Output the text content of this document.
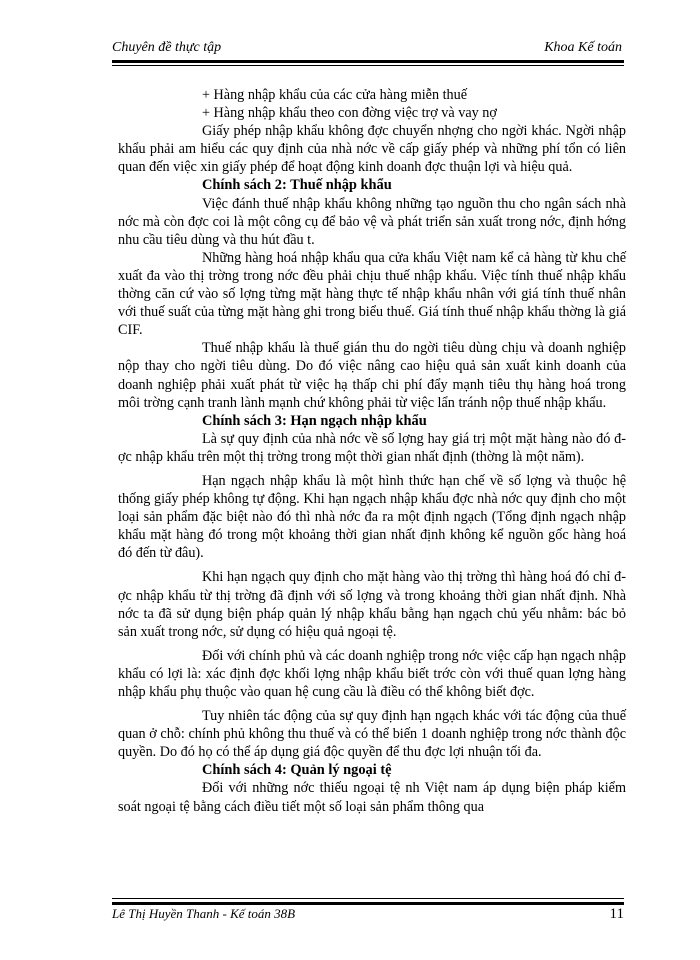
Chuyên đề thực tập	Khoa Kế toán

+ Hàng nhập khẩu của các cửa hàng miễn thuế

+ Hàng nhập khẩu theo con đờng việc trợ và vay nợ

Giấy phép nhập khẩu không đợc chuyển nhợng cho ngời khác. Ngời nhập khẩu phải am hiểu các quy định của nhà nớc về cấp giấy phép và những phí tổn có liên quan đến việc xin giấy phép để hoạt động kinh doanh đợc thuận lợi và hiệu quả.

Chính sách 2: Thuế nhập khẩu

Việc đánh thuế nhập khẩu không những tạo nguồn thu cho ngân sách nhà nớc mà còn đợc coi là một công cụ để bảo vệ và phát triển sản xuất trong nớc, định hớng nhu cầu tiêu dùng và thu hút đầu t.

Những hàng hoá nhập khẩu qua cửa khẩu Việt nam kể cả hàng từ khu chế xuất đa vào thị trờng trong nớc đều phải chịu thuế nhập khẩu. Việc tính thuế nhập khẩu thờng căn cứ vào số lợng từng mặt hàng thực tế nhập khẩu nhân với giá tính thuế nhân với thuế suất của từng mặt hàng ghi trong biểu thuế. Giá tính thuế nhập khẩu thờng là giá CIF.

Thuế nhập khẩu là thuế gián thu do ngời tiêu dùng chịu và doanh nghiệp nộp thay cho ngời tiêu dùng. Do đó việc nâng cao hiệu quả sản xuất kinh doanh của doanh nghiệp phải xuất phát từ việc hạ thấp chi phí đẩy mạnh tiêu thụ hàng hoá trong môi trờng cạnh tranh lành mạnh chứ không phải từ việc lẩn tránh nộp thuế nhập khẩu.

Chính sách 3: Hạn ngạch nhập khẩu

Là sự quy định của nhà nớc về số lợng hay giá trị một mặt hàng nào đó đợc nhập khẩu trên một thị trờng trong một thời gian nhất định (thờng là một năm).

Hạn ngạch nhập khẩu là một hình thức hạn chế về số lợng và thuộc hệ thống giấy phép không tự động. Khi hạn ngạch nhập khẩu đợc nhà nớc quy định cho một loại sản phẩm đặc biệt nào đó thì nhà nớc đa ra một định ngạch (Tổng định ngạch nhập khẩu mặt hàng đó trong một khoảng thời gian nhất định không kể nguồn gốc hàng hoá đó đến từ đâu).

Khi hạn ngạch quy định cho mặt hàng vào thị trờng thì hàng hoá đó chỉ đợc nhập khẩu từ thị trờng đã định với số lợng và trong khoảng thời gian nhất định. Nhà nớc ta đã sử dụng biện pháp quản lý nhập khẩu bằng hạn ngạch chủ yếu nhằm: bác bỏ sản xuất trong nớc, sử dụng có hiệu quả ngoại tệ.

Đối với chính phủ và các doanh nghiệp trong nớc việc cấp hạn ngạch nhập khẩu có lợi là: xác định đợc khối lợng nhập khẩu biết trớc còn với thuế quan lợng hàng nhập khẩu phụ thuộc vào quan hệ cung cầu là điều có thể không biết đợc.

Tuy nhiên tác động của sự quy định hạn ngạch khác với tác động của thuế quan ở chỗ: chính phủ không thu thuế và có thể biến 1 doanh nghiệp trong nớc thành độc quyền. Do đó họ có thể áp dụng giá độc quyền để thu đợc lợi nhuận tối đa.

Chính sách 4: Quản lý ngoại tệ

Đối với những nớc thiếu ngoại tệ nh Việt nam áp dụng biện pháp kiểm soát ngoại tệ bằng cách điều tiết một số loại sản phẩm thông qua

Lê Thị Huyền Thanh - Kế toán 38B	11
